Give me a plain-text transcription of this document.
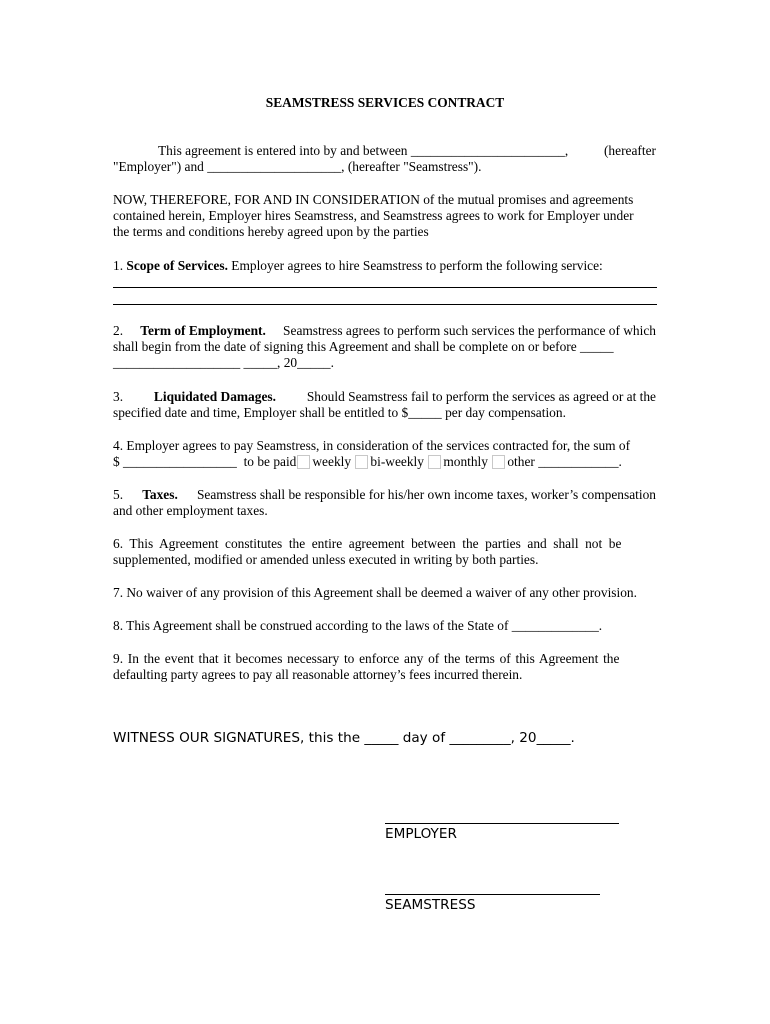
SEAMSTRESS SERVICES CONTRACT
This agreement is entered into by and between _______________________,	(hereafter
"Employer") and ____________________, (hereafter "Seamstress").
NOW, THEREFORE, FOR AND IN CONSIDERATION of the mutual promises and agreements
contained herein, Employer hires Seamstress, and Seamstress agrees to work for Employer under
the terms and conditions hereby agreed upon by the parties
1. Scope of Services. Employer agrees to hire Seamstress to perform the following service:
2. Term of Employment. Seamstress agrees to perform such services the performance of which
shall begin from the date of signing this Agreement and shall be complete on or before _____
___________________ _____, 20_____.
3. Liquidated Damages. Should Seamstress fail to perform the services as agreed or at the
specified date and time, Employer shall be entitled to $_____ per day compensation.
4. Employer agrees to pay Seamstress, in consideration of the services contracted for, the sum of
$ _________________ to be paid weekly bi-weekly monthly other ____________.
5. Taxes. Seamstress shall be responsible for his/her own income taxes, worker’s compensation
and other employment taxes.
6. This Agreement constitutes the entire agreement between the parties and shall not be
supplemented, modified or amended unless executed in writing by both parties.
7. No waiver of any provision of this Agreement shall be deemed a waiver of any other provision.
8. This Agreement shall be construed according to the laws of the State of _____________.
9. In the event that it becomes necessary to enforce any of the terms of this Agreement the
defaulting party agrees to pay all reasonable attorney’s fees incurred therein.
WITNESS OUR SIGNATURES, this the _____ day of _________, 20_____.
EMPLOYER
SEAMSTRESS
